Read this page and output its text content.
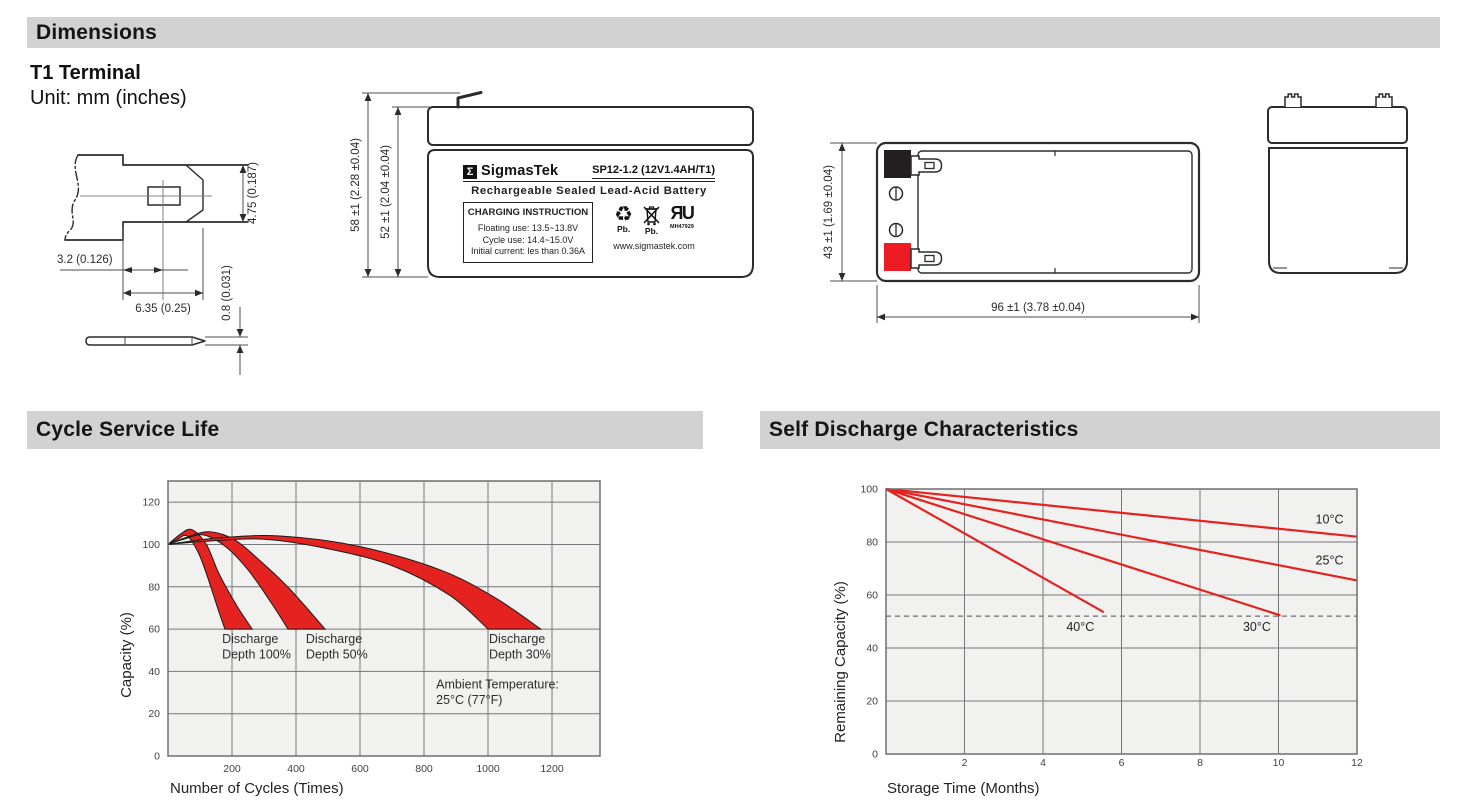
Dimensions
T1 Terminal
Unit: mm (inches)
4.75 (0.187)
3.2 (0.126)
6.35 (0.25)	0.8 (0.031)
58 ±1 (2.28 ±0.04) 52 ±1 (2.04 ±0.04)	Σ SigmasTek	SP12-1.2 (12V1.4AH/T1)
Rechargeable Sealed Lead-Acid Battery
CHARGING INSTRUCTION
Floating use: 13.5~13.8V
Cycle use: 14.4~15.0V
Initial current: les than 0.36A
♻
Pb. Pb.
ЯU
MH47929
www.sigmastek.com	43 ±1 (1.69 ±0.04)
96 ±1 (3.78 ±0.04)
Cycle Service Life	Self Discharge Characteristics
0
20
40
60
80
100
120
200	400	600	800	1000	1200
Discharge Depth 100%
Discharge Depth 50%
Discharge Depth 30%
Ambient Temperature: 25°C (77°F)
Number of Cycles (Times)
Capacity (%)
10°C
25°C
30°C
40°C
0
20
40
60
80
100
2	4	6	8	10	12
Storage Time (Months)
Remaining Capacity (%)
